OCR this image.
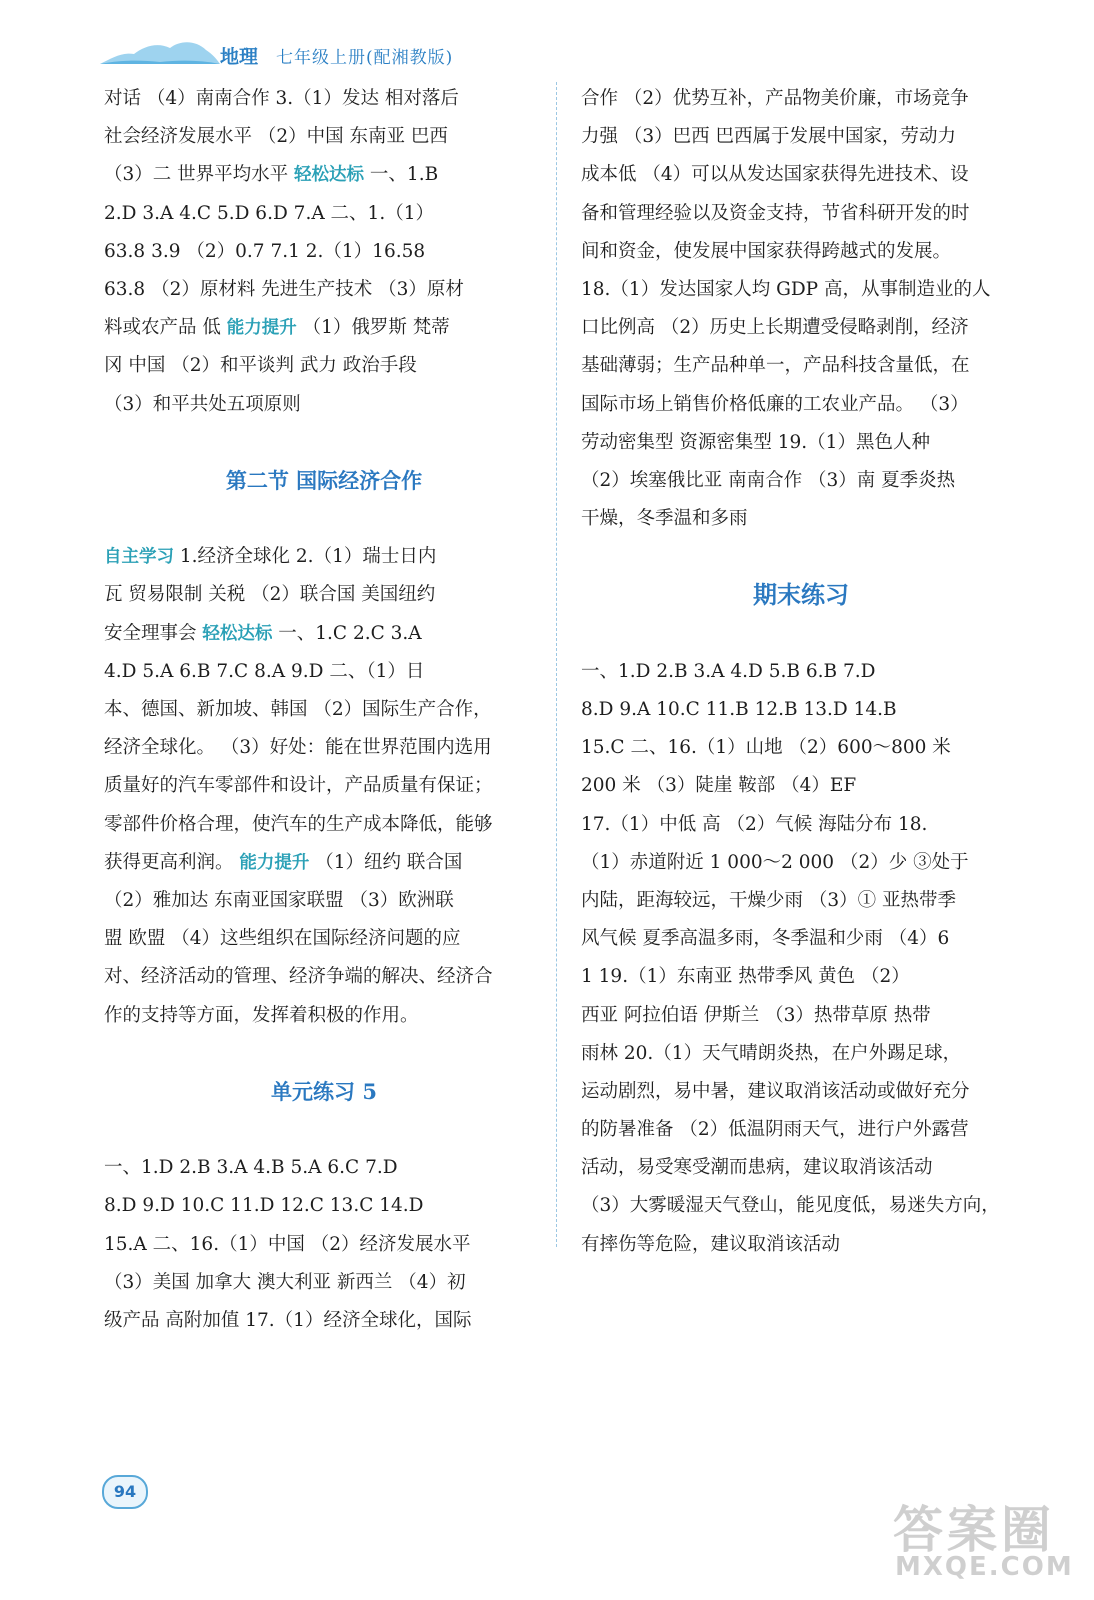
地理 七年级上册(配湘教版)
对话 （4）南南合作 3.（1）发达 相对落后
社会经济发展水平 （2）中国 东南亚 巴西
（3）二 世界平均水平 轻松达标 一、1.B
2.D 3.A 4.C 5.D 6.D 7.A 二、1.（1）
63.8 3.9 （2）0.7 7.1 2.（1）16.58
63.8 （2）原材料 先进生产技术 （3）原材
料或农产品 低 能力提升 （1）俄罗斯 梵蒂
冈 中国 （2）和平谈判 武力 政治手段
（3）和平共处五项原则
第二节 国际经济合作
自主学习 1.经济全球化 2.（1）瑞士日内
瓦 贸易限制 关税 （2）联合国 美国纽约
安全理事会 轻松达标 一、1.C 2.C 3.A
4.D 5.A 6.B 7.C 8.A 9.D 二、（1）日
本、德国、新加坡、韩国 （2）国际生产合作，
经济全球化。 （3）好处：能在世界范围内选用
质量好的汽车零部件和设计，产品质量有保证；
零部件价格合理，使汽车的生产成本降低，能够
获得更高利润。 能力提升 （1）纽约 联合国
（2）雅加达 东南亚国家联盟 （3）欧洲联
盟 欧盟 （4）这些组织在国际经济问题的应
对、经济活动的管理、经济争端的解决、经济合
作的支持等方面，发挥着积极的作用。
单元练习 5
一、1.D 2.B 3.A 4.B 5.A 6.C 7.D
8.D 9.D 10.C 11.D 12.C 13.C 14.D
15.A 二、16.（1）中国 （2）经济发展水平
（3）美国 加拿大 澳大利亚 新西兰 （4）初
级产品 高附加值 17.（1）经济全球化，国际
合作 （2）优势互补，产品物美价廉，市场竞争
力强 （3）巴西 巴西属于发展中国家，劳动力
成本低 （4）可以从发达国家获得先进技术、设
备和管理经验以及资金支持，节省科研开发的时
间和资金，使发展中国家获得跨越式的发展。
18.（1）发达国家人均 GDP 高，从事制造业的人
口比例高 （2）历史上长期遭受侵略剥削，经济
基础薄弱；生产品种单一，产品科技含量低，在
国际市场上销售价格低廉的工农业产品。 （3）
劳动密集型 资源密集型 19.（1）黑色人种
（2）埃塞俄比亚 南南合作 （3）南 夏季炎热
干燥，冬季温和多雨
期末练习
一、1.D 2.B 3.A 4.D 5.B 6.B 7.D
8.D 9.A 10.C 11.B 12.B 13.D 14.B
15.C 二、16.（1）山地 （2）600～800 米
200 米 （3）陡崖 鞍部 （4）EF
17.（1）中低 高 （2）气候 海陆分布 18.
（1）赤道附近 1 000～2 000 （2）少 ③处于
内陆，距海较远，干燥少雨 （3）① 亚热带季
风气候 夏季高温多雨，冬季温和少雨 （4）6
1 19.（1）东南亚 热带季风 黄色 （2）
西亚 阿拉伯语 伊斯兰 （3）热带草原 热带
雨林 20.（1）天气晴朗炎热，在户外踢足球，
运动剧烈，易中暑，建议取消该活动或做好充分
的防暑准备 （2）低温阴雨天气，进行户外露营
活动，易受寒受潮而患病，建议取消该活动
（3）大雾暖湿天气登山，能见度低，易迷失方向，
有摔伤等危险，建议取消该活动
94
答案圈
MXQE.COM
